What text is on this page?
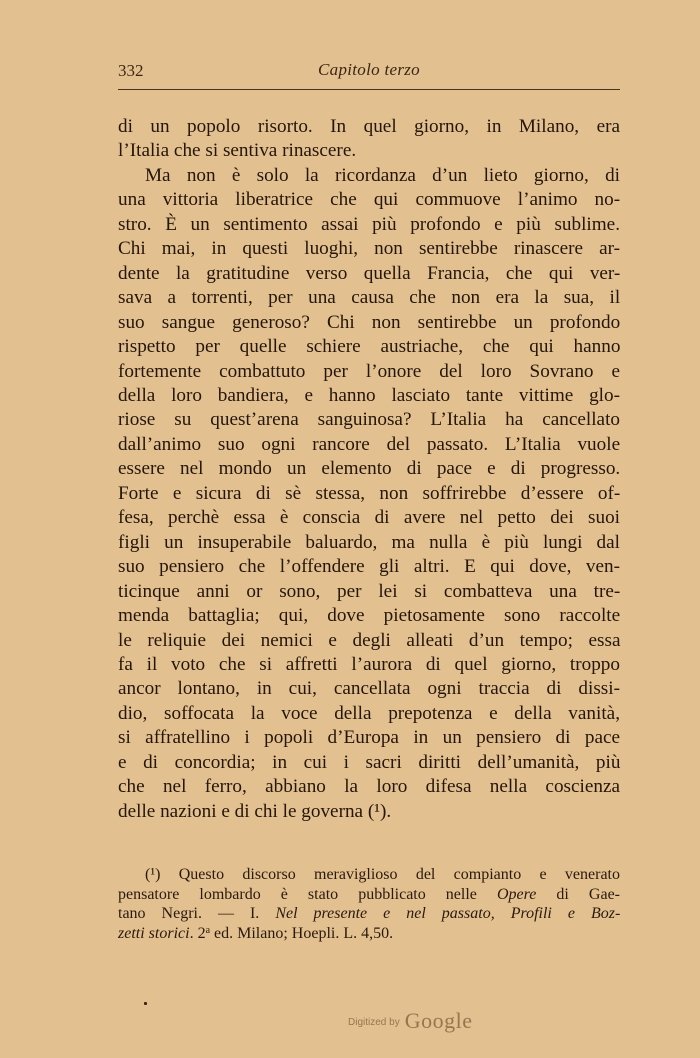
332	Capitolo terzo
di un popolo risorto. In quel giorno, in Milano, era
l’Italia che si sentiva rinascere.
Ma non è solo la ricordanza d’un lieto giorno, di
una vittoria liberatrice che qui commuove l’animo no-
stro. È un sentimento assai più profondo e più sublime.
Chi mai, in questi luoghi, non sentirebbe rinascere ar-
dente la gratitudine verso quella Francia, che qui ver-
sava a torrenti, per una causa che non era la sua, il
suo sangue generoso? Chi non sentirebbe un profondo
rispetto per quelle schiere austriache, che qui hanno
fortemente combattuto per l’onore del loro Sovrano e
della loro bandiera, e hanno lasciato tante vittime glo-
riose su quest’arena sanguinosa? L’Italia ha cancellato
dall’animo suo ogni rancore del passato. L’Italia vuole
essere nel mondo un elemento di pace e di progresso.
Forte e sicura di sè stessa, non soffrirebbe d’essere of-
fesa, perchè essa è conscia di avere nel petto dei suoi
figli un insuperabile baluardo, ma nulla è più lungi dal
suo pensiero che l’offendere gli altri. E qui dove, ven-
ticinque anni or sono, per lei si combatteva una tre-
menda battaglia; qui, dove pietosamente sono raccolte
le reliquie dei nemici e degli alleati d’un tempo; essa
fa il voto che si affretti l’aurora di quel giorno, troppo
ancor lontano, in cui, cancellata ogni traccia di dissi-
dio, soffocata la voce della prepotenza e della vanità,
si affratellino i popoli d’Europa in un pensiero di pace
e di concordia; in cui i sacri diritti dell’umanità, più
che nel ferro, abbiano la loro difesa nella coscienza
delle nazioni e di chi le governa (¹).
(¹) Questo discorso meraviglioso del compianto e venerato
pensatore lombardo è stato pubblicato nelle Opere di Gae-
tano Negri. — I. Nel presente e nel passato, Profili e Boz-
zetti storici. 2$^a$ ed. Milano; Hoepli. L. 4,50.
Digitized by Google
